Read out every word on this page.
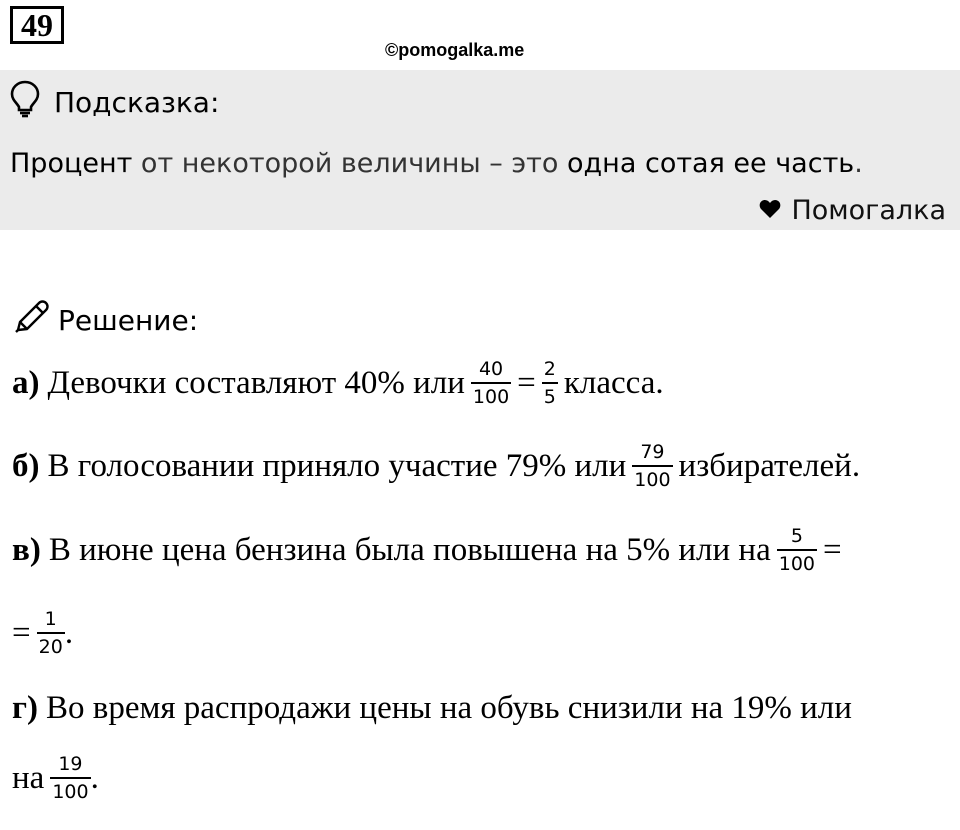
49
©pomogalka.me
Подсказка:
Процент от некоторой величины – это одна сотая ее часть.
Помогалка
Решение:
а) Девочки составляют 40% или $\frac{40}{100} = \frac{2}{5}$ класса.
б) В голосовании приняло участие 79% или $\frac{79}{100}$ избирателей.
в) В июне цена бензина была повышена на 5% или на $\frac{5}{100}$ =
= $\frac{1}{20}$ .
г) Во время распродажи цены на обувь снизили на 19% или
на $\frac{19}{100}$ .
